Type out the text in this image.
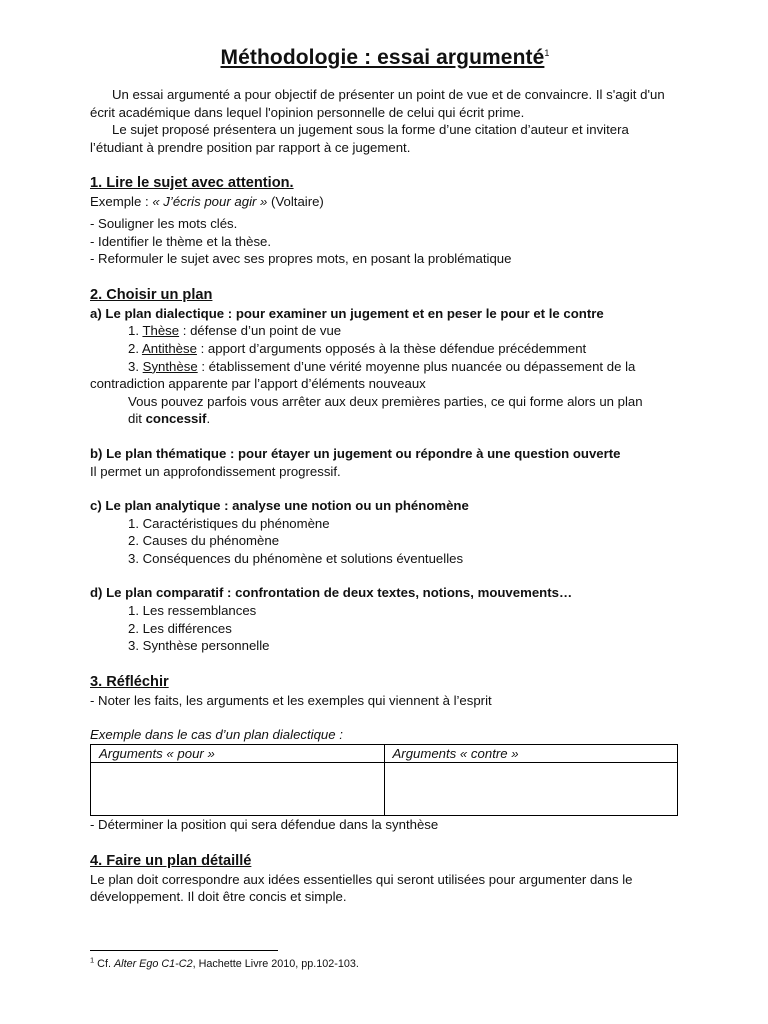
Méthodologie : essai argumenté$^1$

Un essai argumenté a pour objectif de présenter un point de vue et de convaincre. Il s'agit d'un écrit académique dans lequel l'opinion personnelle de celui qui écrit prime.

Le sujet proposé présentera un jugement sous la forme d’une citation d’auteur et invitera l’étudiant à prendre position par rapport à ce jugement.

1. Lire le sujet avec attention.

Exemple : « J’écris pour agir » (Voltaire)

- Souligner les mots clés.

- Identifier le thème et la thèse.

- Reformuler le sujet avec ses propres mots, en posant la problématique

2. Choisir un plan

a) Le plan dialectique : pour examiner un jugement et en peser le pour et le contre

1. Thèse : défense d’un point de vue
2. Antithèse : apport d’arguments opposés à la thèse défendue précédemment
3. Synthèse : établissement d’une vérité moyenne plus nuancée ou dépassement de la

contradiction apparente par l’apport d’éléments nouveaux

Vous pouvez parfois vous arrêter aux deux premières parties, ce qui forme alors un plan

dit concessif.

b) Le plan thématique : pour étayer un jugement ou répondre à une question ouverte

Il permet un approfondissement progressif.

c) Le plan analytique : analyse une notion ou un phénomène

1. Caractéristiques du phénomène
2. Causes du phénomène
3. Conséquences du phénomène et solutions éventuelles

d) Le plan comparatif : confrontation de deux textes, notions, mouvements…

1. Les ressemblances
2. Les différences
3. Synthèse personnelle
3. Réfléchir

- Noter les faits, les arguments et les exemples qui viennent à l’esprit

Exemple dans le cas d’un plan dialectique :

Arguments « pour »	Arguments « contre »

- Déterminer la position qui sera défendue dans la synthèse

4. Faire un plan détaillé

Le plan doit correspondre aux idées essentielles qui seront utilisées pour argumenter dans le développement. Il doit être concis et simple.

$^1$ Cf. Alter Ego C1-C2, Hachette Livre 2010, pp.102-103.
